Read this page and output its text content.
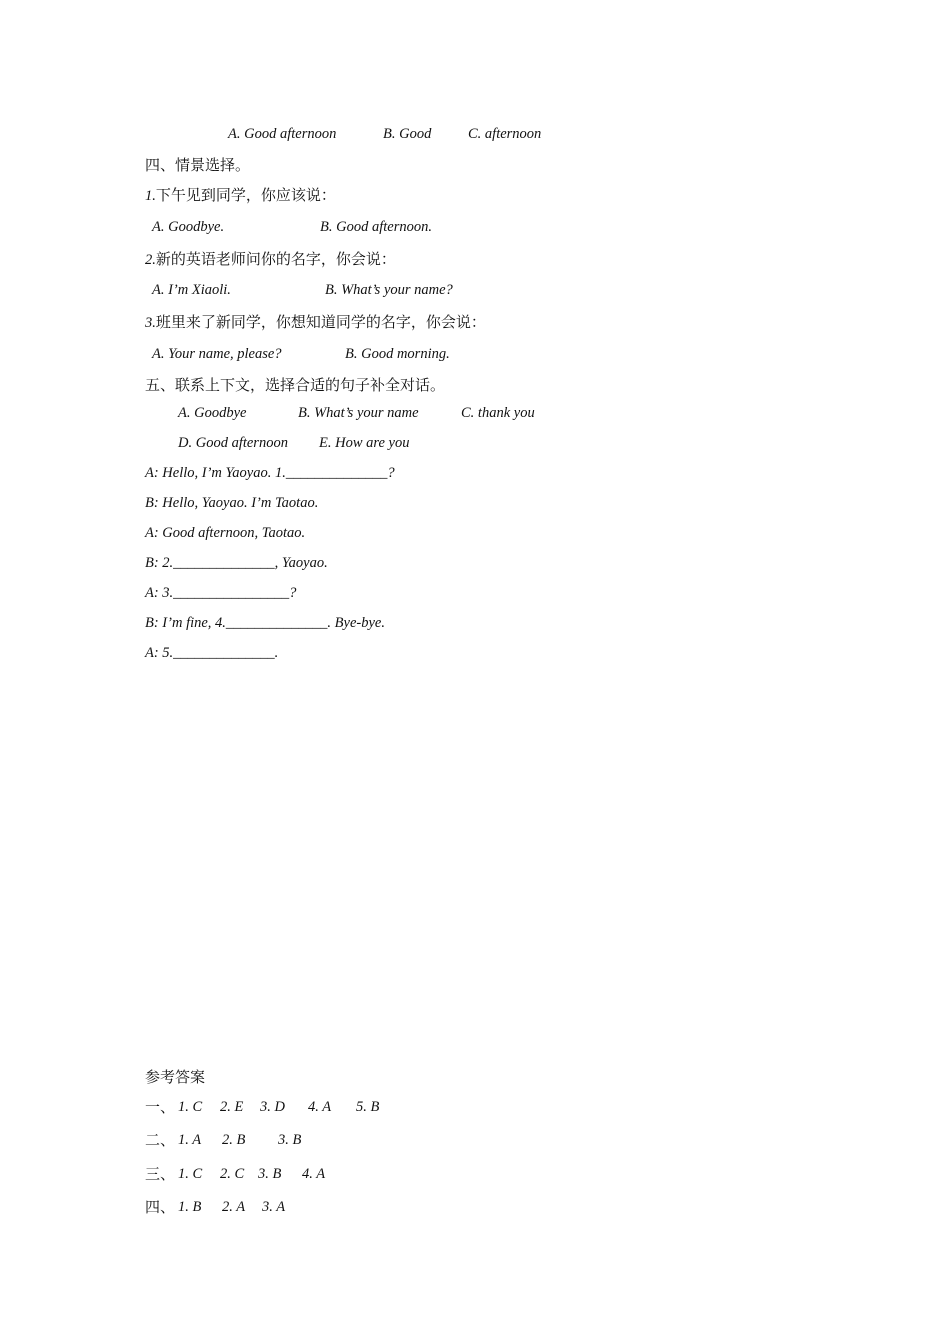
A. Good afternoon	B. Good	C. afternoon
四、情景选择。
1.下午见到同学，你应该说：
A. Goodbye.	B. Good afternoon.
2.新的英语老师问你的名字，你会说：
A. I’m Xiaoli.	B. What’s your name?
3.班里来了新同学，你想知道同学的名字，你会说：
A. Your name, please?	B. Good morning.
五、联系上下文，选择合适的句子补全对话。
A. Goodbye	B. What’s your name	C. thank you
D. Good afternoon E. How are you
A: Hello, I’m Yaoyao. 1.______________?
B: Hello, Yaoyao. I’m Taotao.
A: Good afternoon, Taotao.
B: 2.______________, Yaoyao.
A: 3.________________?
B: I’m fine, 4.______________. Bye-bye.
A: 5.______________.
参考答案
一、 1. C 2. E 3. D 4. A 5. B
二、 1. A 2. B 3. B
三、 1. C 2. C 3. B 4. A
四、 1. B 2. A 3. A
